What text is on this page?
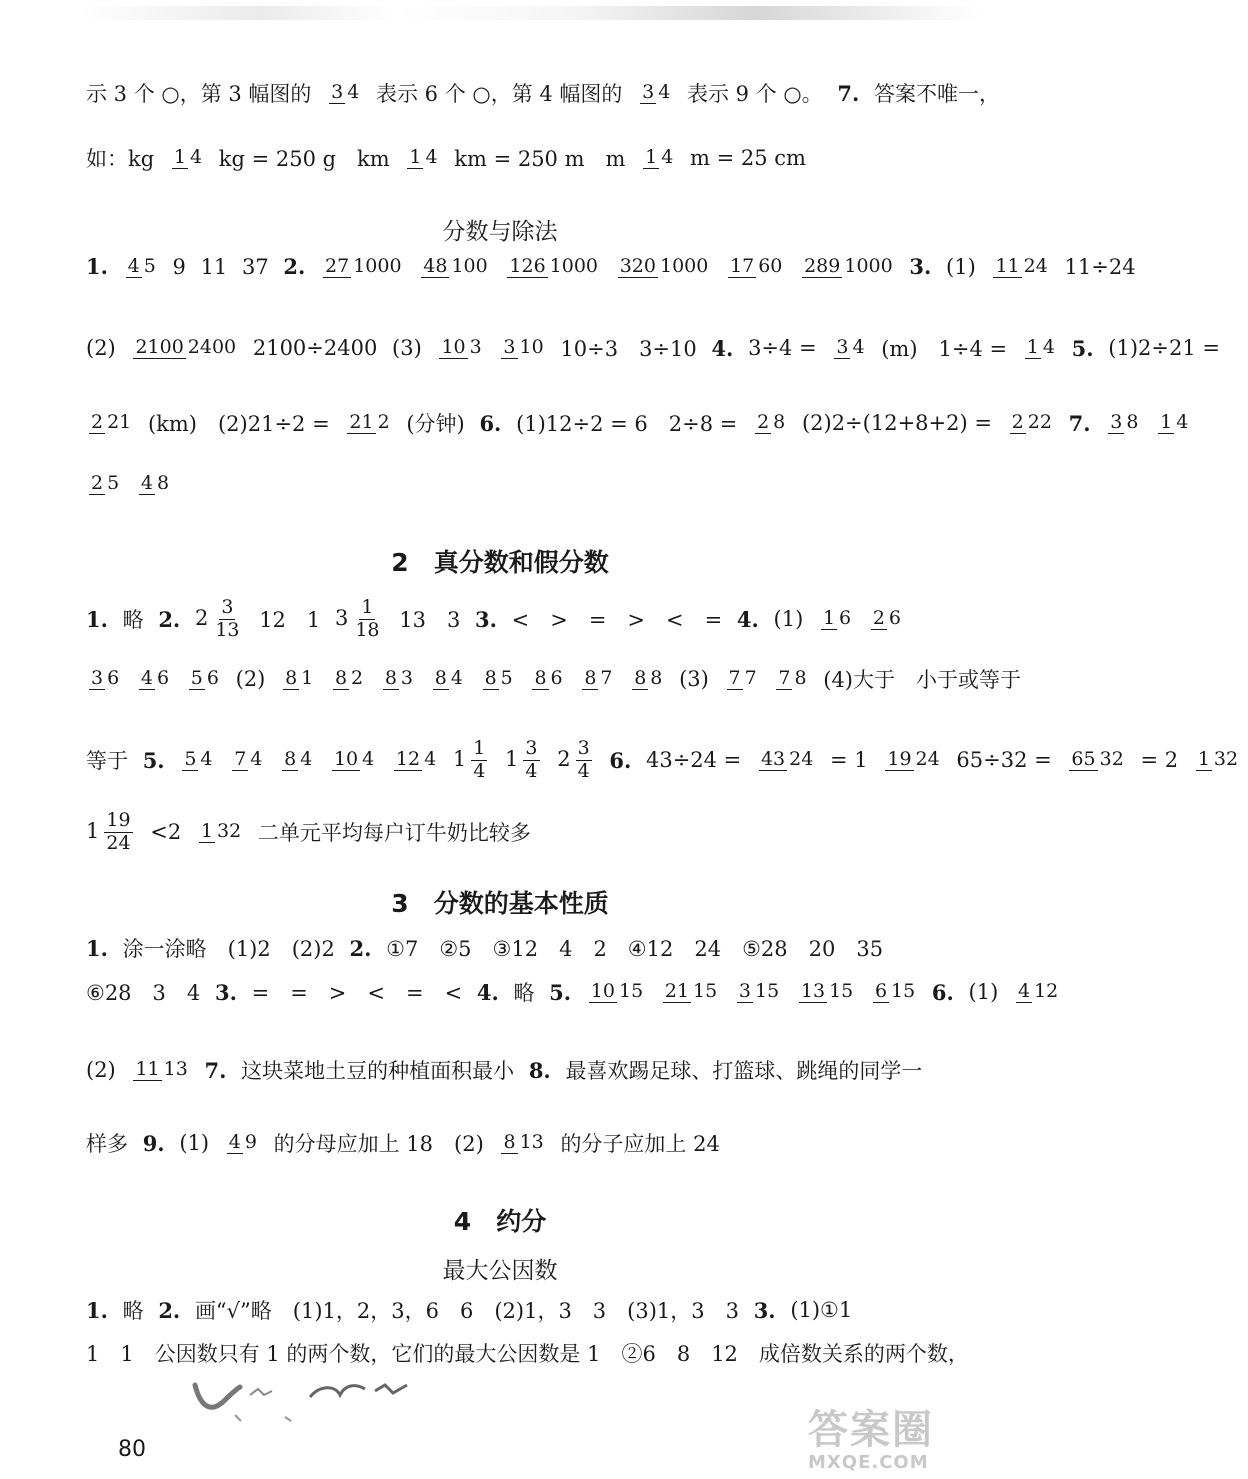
示 3 个 ○，第 3 幅图的 3 4 表示 6 个 ○，第 4 幅图的 3 4 表示 9 个 ○。 7. 答案不唯一，
如：kg 1 4 kg = 250 g　km 1 4 km = 250 m　m 1 4 m = 25 cm
分数与除法
1. 4 5 9 11 37 2. 27 1000 48 100 126 1000 320 1000 17 60 289 1000 3. (1) 11 24 11÷24
(2) 2100 2400 2100÷2400 (3) 10 3 3 10 10÷3　3÷10 4. 3÷4 = 3 4 (m)　1÷4 = 1 4 5. (1)2÷21 =
2 21 (km)　(2)21÷2 = 21 2 (分钟) 6. (1)12÷2 = 6　2÷8 = 2 8 (2)2÷(12+8+2) = 2 22 7. 3 8 1 4
2 5 4 8
2　真分数和假分数
1. 略 2. $2 \frac{3}{13} 12$　1 $3 \frac{1}{18} 13$　3 3. <　>　=　>　<　= 4. (1) 1 6 2 6
3 6 4 6 5 6 (2) 8 1 8 2 8 3 8 4 8 5 8 6 8 7 8 8 (3) 7 7 7 8 (4)大于　小于或等于
等于 5. 5 4 7 4 8 4 10 4 12 4 $1 \frac{1}{4} 1 \frac{3}{4} 2 \frac{3}{4} 6$. 43÷24 = 43 24 = 1 19 24 65÷32 = 65 32 = 2 1 32
$1 \frac{19}{24} <2$ 1 32 二单元平均每户订牛奶比较多
3　分数的基本性质
1. 涂一涂略　(1)2　(2)2 2. ①7　②5　③12　4　2　④12　24　⑤28　20　35
⑥28　3　4 3. =　=　>　<　=　< 4. 略 5. 10 15 21 15 3 15 13 15 6 15 6. (1) 4 12
(2) 11 13 7. 这块菜地土豆的种植面积最小 8. 最喜欢踢足球、打篮球、跳绳的同学一
样多 9. (1) 4 9 的分母应加上 18　(2) 8 13 的分子应加上 24
4　约分
最大公因数
1. 略 2. 画“√”略　(1)1，2，3，6　6　(2)1，3　3　(3)1，3　3 3. (1)①1
1　1　公因数只有 1 的两个数，它们的最大公因数是 1　②6　8　12　成倍数关系的两个数，
80	答案圈
MXQE.COM
